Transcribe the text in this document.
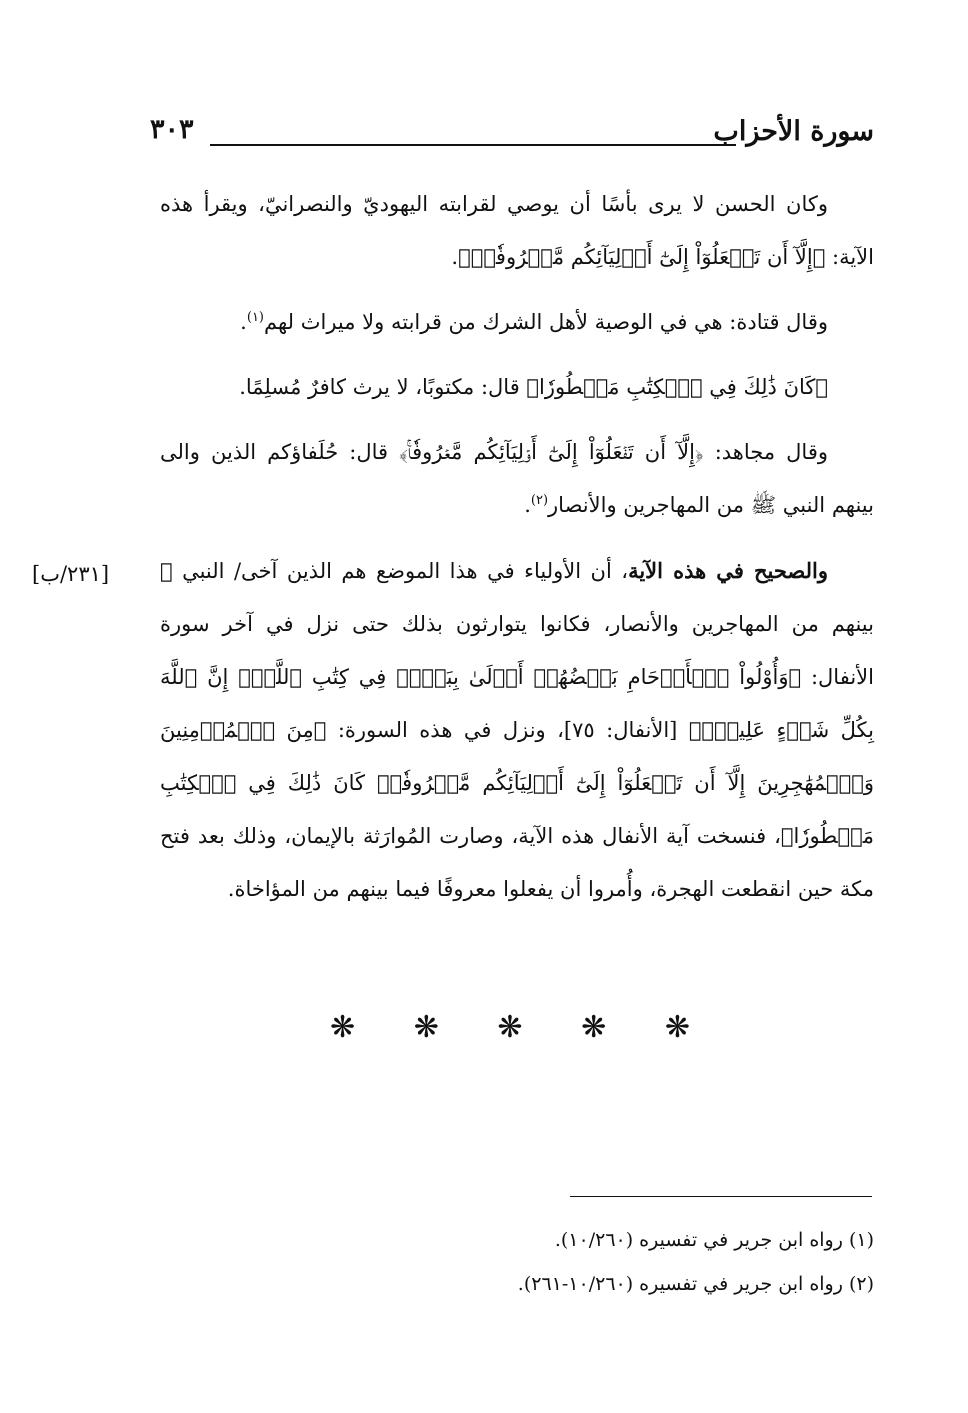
سورة الأحزاب
٣٠٣
[٢٣١/ب]

وكان الحسن لا يرى بأسًا أن يوصي لقرابته اليهوديّ والنصرانيّ، ويقرأ هذه الآية: ﴿إِلَّآ أَن تَفۡعَلُوٓاْ إِلَىٰٓ أَوۡلِيَآئِكُم مَّعۡرُوفٗاۚ﴾.

وقال قتادة: هي في الوصية لأهل الشرك من قرابته ولا ميراث لهم$^{(١)}$.

﴿كَانَ ذَٰلِكَ فِي ٱلۡكِتَٰبِ مَسۡطُورٗا﴾ قال: مكتوبًا، لا يرث كافرٌ مُسلِمًا.

وقال مجاهد: ﴿إِلَّآ أَن تَفۡعَلُوٓاْ إِلَىٰٓ أَوۡلِيَآئِكُم مَّعۡرُوفٗاۚ﴾ قال: حُلَفاؤكم الذين والى بينهم النبي ﷺ من المهاجرين والأنصار$^{(٢)}$.

والصحيح في هذه الآية، أن الأولياء في هذا الموضع هم الذين آخى/ النبي ﷺ بينهم من المهاجرين والأنصار، فكانوا يتوارثون بذلك حتى نزل في آخر سورة الأنفال: ﴿وَأُوْلُواْ ٱلۡأَرۡحَامِ بَعۡضُهُمۡ أَوۡلَىٰ بِبَعۡضٖ فِي كِتَٰبِ ٱللَّهِۚ إِنَّ ٱللَّهَ بِكُلِّ شَيۡءٍ عَلِيمُۢ﴾ [الأنفال: ٧٥]، ونزل في هذه السورة: ﴿مِنَ ٱلۡمُؤۡمِنِينَ وَٱلۡمُهَٰجِرِينَ إِلَّآ أَن تَفۡعَلُوٓاْ إِلَىٰٓ أَوۡلِيَآئِكُم مَّعۡرُوفٗاۚ كَانَ ذَٰلِكَ فِي ٱلۡكِتَٰبِ مَسۡطُورٗا﴾، فنسخت آية الأنفال هذه الآية، وصارت المُوارَثة بالإيمان، وذلك بعد فتح مكة حين انقطعت الهجرة، وأُمروا أن يفعلوا معروفًا فيما بينهم من المؤاخاة.

❋ ❋ ❋ ❋ ❋
(١) رواه ابن جرير في تفسيره (١٠/٢٦٠).
(٢) رواه ابن جرير في تفسيره (١٠/٢٦٠-٢٦١).
